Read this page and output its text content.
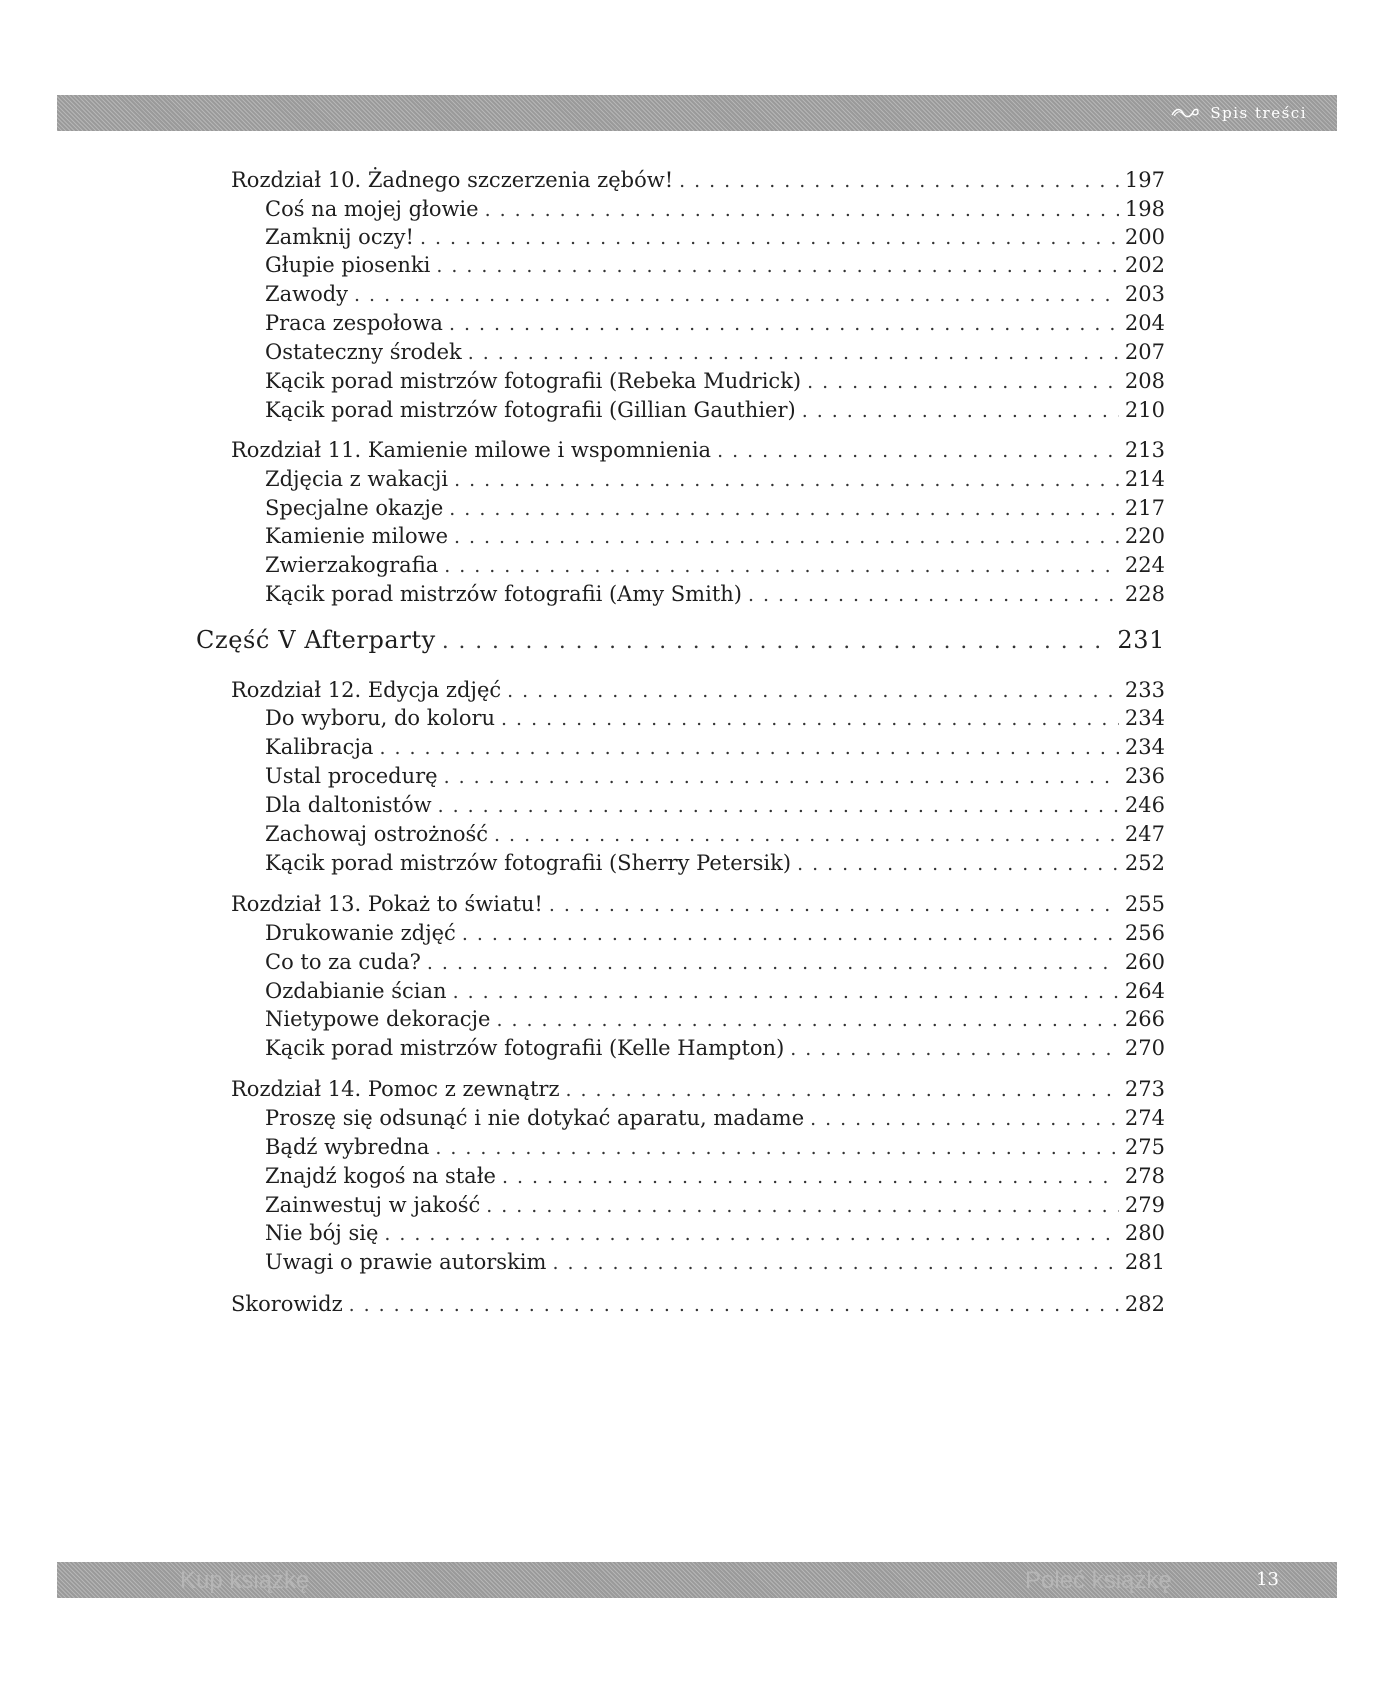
Spis treści
Rozdział 10. Żadnego szczerzenia zębów! . . .	197
Coś na mojej głowie . . .	198
Zamknij oczy! . . .	200
Głupie piosenki . . .	202
Zawody . . .	203
Praca zespołowa . . .	204
Ostateczny środek . . .	207
Kącik porad mistrzów fotografii (Rebeka Mudrick) . . .	208
Kącik porad mistrzów fotografii (Gillian Gauthier) . . .	210
Rozdział 11. Kamienie milowe i wspomnienia . . .	213
Zdjęcia z wakacji . . .	214
Specjalne okazje . . .	217
Kamienie milowe . . .	220
Zwierzakografia . . .	224
Kącik porad mistrzów fotografii (Amy Smith) . . .	228
Część V Afterparty . . .	231
Rozdział 12. Edycja zdjęć . . .	233
Do wyboru, do koloru . . .	234
Kalibracja . . .	234
Ustal procedurę . . .	236
Dla daltonistów . . .	246
Zachowaj ostrożność . . .	247
Kącik porad mistrzów fotografii (Sherry Petersik) . . .	252
Rozdział 13. Pokaż to światu! . . .	255
Drukowanie zdjęć . . .	256
Co to za cuda? . . .	260
Ozdabianie ścian . . .	264
Nietypowe dekoracje . . .	266
Kącik porad mistrzów fotografii (Kelle Hampton) . . .	270
Rozdział 14. Pomoc z zewnątrz . . .	273
Proszę się odsunąć i nie dotykać aparatu, madame . . .	274
Bądź wybredna . . .	275
Znajdź kogoś na stałe . . .	278
Zainwestuj w jakość . . .	279
Nie bój się . . .	280
Uwagi o prawie autorskim . . .	281
Skorowidz . . .	282
Kup książkę	Poleć książkę	13
